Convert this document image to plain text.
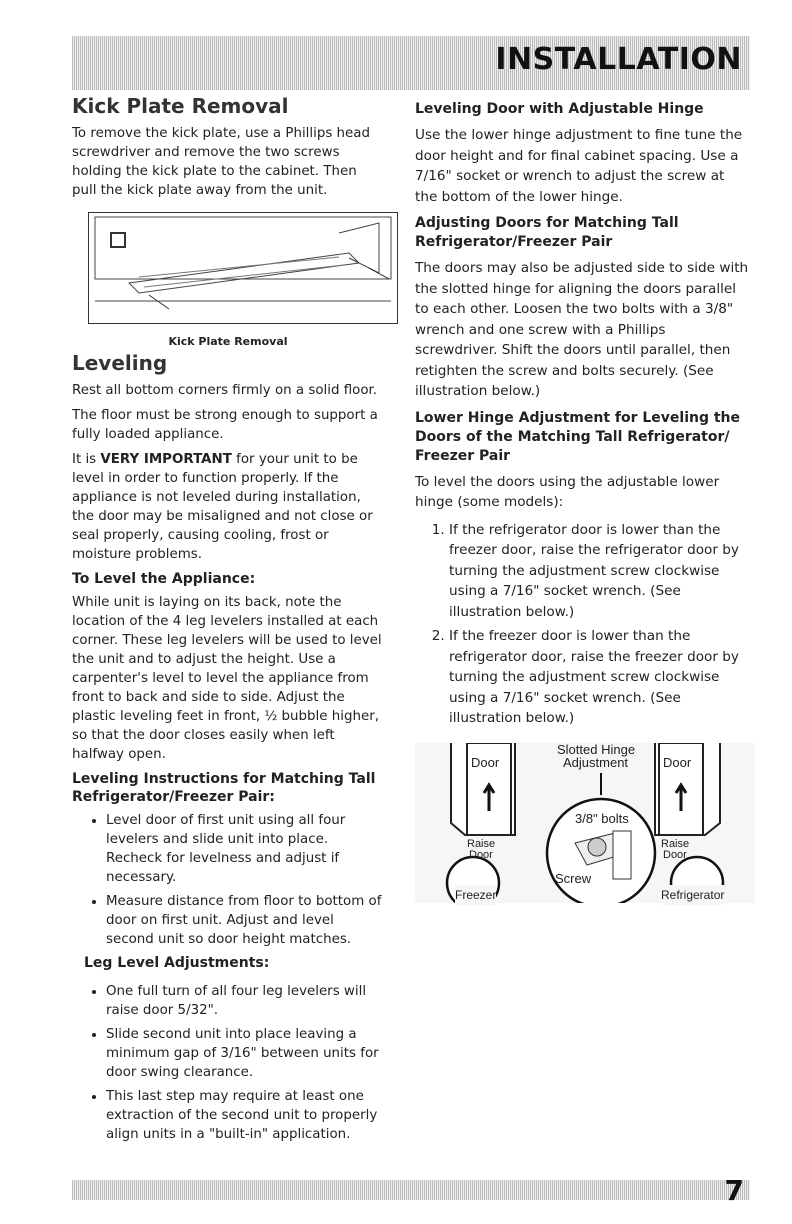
INSTALLATION
Kick Plate Removal

To remove the kick plate, use a Phillips head screwdriver and remove the two screws holding the kick plate to the cabinet. Then pull the kick plate away from the unit.

Kick Plate Removal
Leveling

Rest all bottom corners firmly on a solid floor.

The floor must be strong enough to support a fully loaded appliance.

It is VERY IMPORTANT for your unit to be level in order to function properly. If the appliance is not leveled during installation, the door may be misaligned and not close or seal properly, causing cooling, frost or moisture problems.

To Level the Appliance:

While unit is laying on its back, note the location of the 4 leg levelers installed at each corner. These leg levelers will be used to level the unit and to adjust the height. Use a carpenter's level to level the appliance from front to back and side to side. Adjust the plastic leveling feet in front, ½ bubble higher, so that the door closes easily when left halfway open.

Leveling Instructions for Matching Tall Refrigerator/Freezer Pair:
• Level door of first unit using all four levelers and slide unit into place. Recheck for levelness and adjust if necessary.
• Measure distance from floor to bottom of door on first unit. Adjust and level second unit so door height matches.
Leg Level Adjustments:
• One full turn of all four leg levelers will raise door 5/32".
• Slide second unit into place leaving a minimum gap of 3/16" between units for door swing clearance.
• This last step may require at least one extraction of the second unit to properly align units in a "built-in" application.
Leveling Door with Adjustable Hinge

Use the lower hinge adjustment to fine tune the door height and for final cabinet spacing. Use a 7/16" socket or wrench to adjust the screw at the bottom of the lower hinge.

Adjusting Doors for Matching Tall Refrigerator/Freezer Pair

The doors may also be adjusted side to side with the slotted hinge for aligning the doors parallel to each other. Loosen the two bolts with a 3/8" wrench and one screw with a Phillips screwdriver. Shift the doors until parallel, then retighten the screw and bolts securely. (See illustration below.)

Lower Hinge Adjustment for Leveling the Doors of the Matching Tall Refrigerator/ Freezer Pair

To level the doors using the adjustable lower hinge (some models):

1. If the refrigerator door is lower than the freezer door, raise the refrigerator door by turning the adjustment screw clockwise using a 7/16" socket wrench. (See illustration below.)
2. If the freezer door is lower than the refrigerator door, raise the freezer door by turning the adjustment screw clockwise using a 7/16" socket wrench. (See illustration below.)
Door	Door
Slotted Hinge
Adjustment
3/8" bolts
Raise
Door
Raise
Door
Screw
Freezer	Refrigerator
7
